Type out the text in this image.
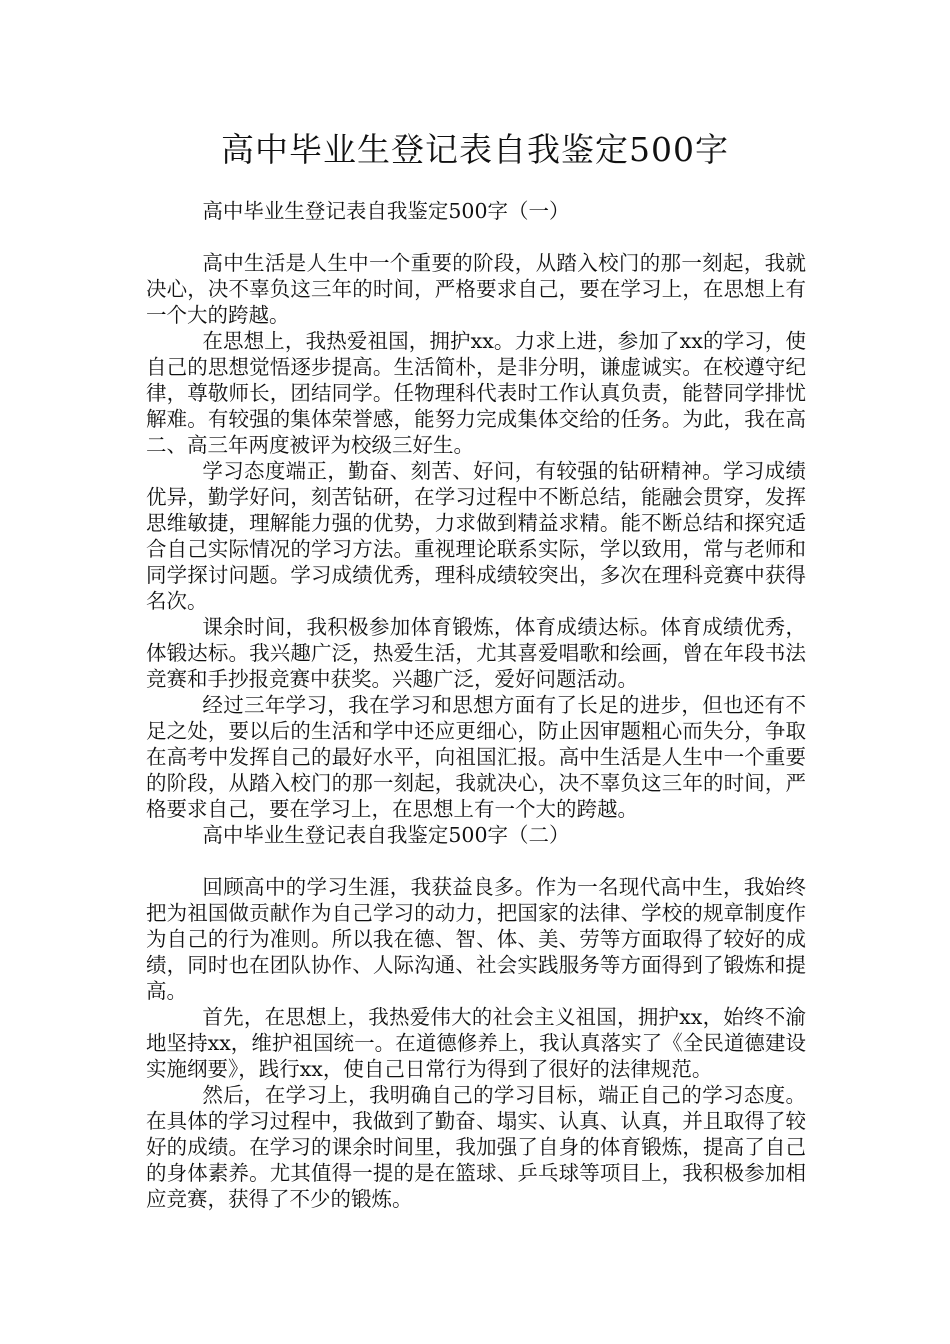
高中毕业生登记表自我鉴定500字

高中毕业生登记表自我鉴定500字（一）

高中生活是人生中一个重要的阶段，从踏入校门的那一刻起，我就决心，决不辜负这三年的时间，严格要求自己，要在学习上，在思想上有一个大的跨越。

在思想上，我热爱祖国，拥护xx。力求上进，参加了xx的学习，使自己的思想觉悟逐步提高。生活简朴，是非分明，谦虚诚实。在校遵守纪律，尊敬师长，团结同学。任物理科代表时工作认真负责，能替同学排忧解难。有较强的集体荣誉感，能努力完成集体交给的任务。为此，我在高二、高三年两度被评为校级三好生。

学习态度端正，勤奋、刻苦、好问，有较强的钻研精神。学习成绩优异，勤学好问，刻苦钻研，在学习过程中不断总结，能融会贯穿，发挥思维敏捷，理解能力强的优势，力求做到精益求精。能不断总结和探究适合自己实际情况的学习方法。重视理论联系实际，学以致用，常与老师和同学探讨问题。学习成绩优秀，理科成绩较突出，多次在理科竞赛中获得名次。

课余时间，我积极参加体育锻炼，体育成绩达标。体育成绩优秀，体锻达标。我兴趣广泛，热爱生活，尤其喜爱唱歌和绘画，曾在年段书法竞赛和手抄报竞赛中获奖。兴趣广泛，爱好问题活动。

经过三年学习，我在学习和思想方面有了长足的进步，但也还有不足之处，要以后的生活和学中还应更细心，防止因审题粗心而失分，争取在高考中发挥自己的最好水平，向祖国汇报。高中生活是人生中一个重要的阶段，从踏入校门的那一刻起，我就决心，决不辜负这三年的时间，严格要求自己，要在学习上，在思想上有一个大的跨越。

高中毕业生登记表自我鉴定500字（二）

回顾高中的学习生涯，我获益良多。作为一名现代高中生，我始终把为祖国做贡献作为自己学习的动力，把国家的法律、学校的规章制度作为自己的行为准则。所以我在德、智、体、美、劳等方面取得了较好的成绩，同时也在团队协作、人际沟通、社会实践服务等方面得到了锻炼和提高。

首先，在思想上，我热爱伟大的社会主义祖国，拥护xx，始终不渝地坚持xx，维护祖国统一。在道德修养上，我认真落实了《全民道德建设实施纲要》，践行xx，使自己日常行为得到了很好的法律规范。

然后，在学习上，我明确自己的学习目标，端正自己的学习态度。在具体的学习过程中，我做到了勤奋、塌实、认真、认真，并且取得了较好的成绩。在学习的课余时间里，我加强了自身的体育锻炼，提高了自己的身体素养。尤其值得一提的是在篮球、乒乓球等项目上，我积极参加相应竞赛，获得了不少的锻炼。
